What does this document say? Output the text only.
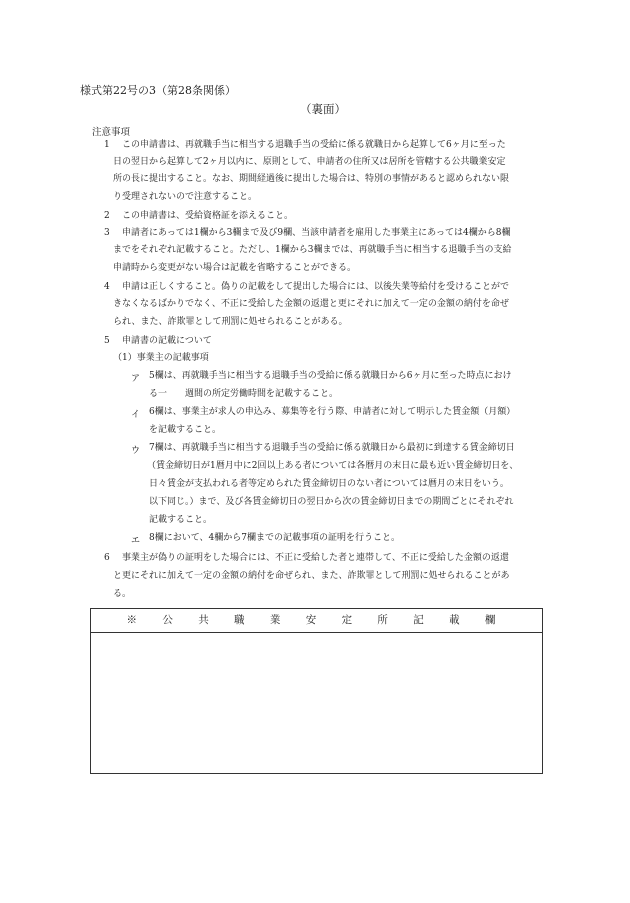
様式第22号の3（第28条関係）
（裏面）
注意事項
1 この申請書は、再就職手当に相当する退職手当の受給に係る就職日から起算して6ヶ月に至った
日の翌日から起算して2ヶ月以内に、原則として、申請者の住所又は居所を管轄する公共職業安定
所の長に提出すること。なお、期間経過後に提出した場合は、特別の事情があると認められない限
り受理されないので注意すること。
2 この申請書は、受給資格証を添えること。
3 申請者にあっては1欄から3欄まで及び9欄、当該申請者を雇用した事業主にあっては4欄から8欄
までをそれぞれ記載すること。ただし、1欄から3欄までは、再就職手当に相当する退職手当の支給
申請時から変更がない場合は記載を省略することができる。
4 申請は正しくすること。偽りの記載をして提出した場合には、以後失業等給付を受けることがで
きなくなるばかりでなく、不正に受給した金額の返還と更にそれに加えて一定の金額の納付を命ぜ
られ、また、詐欺罪として刑罰に処せられることがある。
5 申請書の記載について
（1）事業主の記載事項
ア 5欄は、再就職手当に相当する退職手当の受給に係る就職日から6ヶ月に至った時点におけ
る一　　週間の所定労働時間を記載すること。
イ 6欄は、事業主が求人の申込み、募集等を行う際、申請者に対して明示した賃金額（月額）
を記載すること。
ウ 7欄は、再就職手当に相当する退職手当の受給に係る就職日から最初に到達する賃金締切日
（賃金締切日が1暦月中に2回以上ある者については各暦月の末日に最も近い賃金締切日を、
日々賃金が支払われる者等定められた賃金締切日のない者については暦月の末日をいう。
以下同じ。）まで、及び各賃金締切日の翌日から次の賃金締切日までの期間ごとにそれぞれ
記載すること。
エ 8欄において、4欄から7欄までの記載事項の証明を行うこと。
6 事業主が偽りの証明をした場合には、不正に受給した者と連帯して、不正に受給した金額の返還
と更にそれに加えて一定の金額の納付を命ぜられ、また、詐欺罪として刑罰に処せられることがあ
る。
※ 公 共 職 業 安 定 所 記 載 欄
